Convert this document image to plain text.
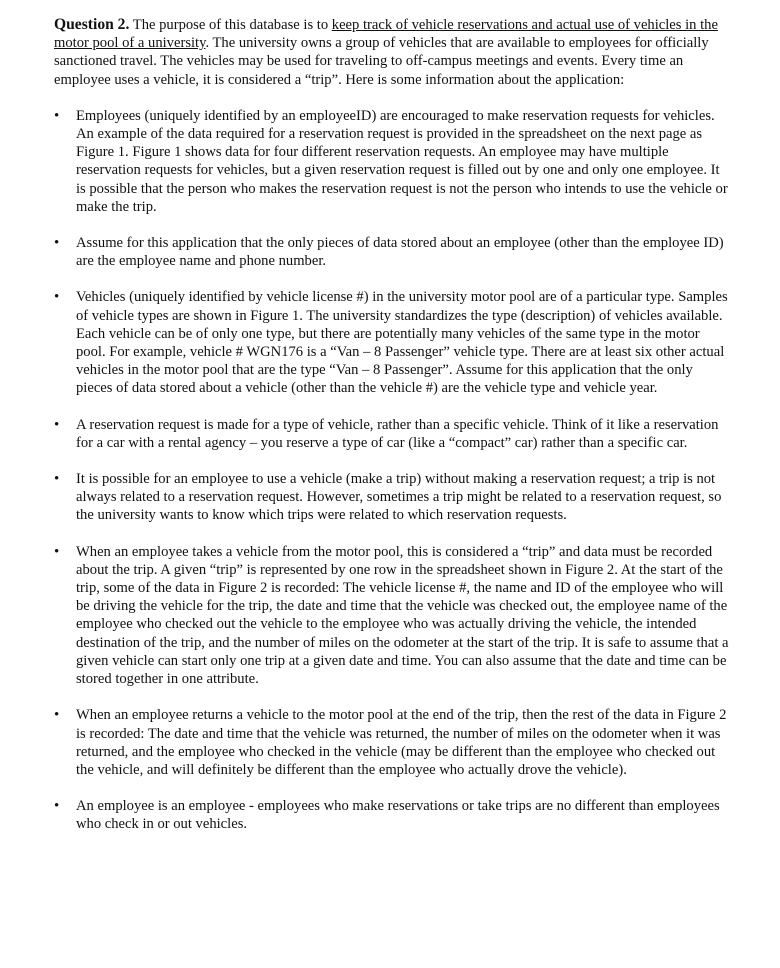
Question 2. The purpose of this database is to keep track of vehicle reservations and actual use of vehicles in the motor pool of a university. The university owns a group of vehicles that are available to employees for officially sanctioned travel. The vehicles may be used for traveling to off-campus meetings and events. Every time an employee uses a vehicle, it is considered a “trip”. Here is some information about the application:

•	Employees (uniquely identified by an employeeID) are encouraged to make reservation requests for vehicles. An example of the data required for a reservation request is provided in the spreadsheet on the next page as Figure 1. Figure 1 shows data for four different reservation requests. An employee may have multiple reservation requests for vehicles, but a given reservation request is filled out by one and only one employee. It is possible that the person who makes the reservation request is not the person who intends to use the vehicle or make the trip.
•	Assume for this application that the only pieces of data stored about an employee (other than the employee ID) are the employee name and phone number.
•	Vehicles (uniquely identified by vehicle license #) in the university motor pool are of a particular type. Samples of vehicle types are shown in Figure 1. The university standardizes the type (description) of vehicles available. Each vehicle can be of only one type, but there are potentially many vehicles of the same type in the motor pool. For example, vehicle # WGN176 is a “Van – 8 Passenger” vehicle type. There are at least six other actual vehicles in the motor pool that are the type “Van – 8 Passenger”. Assume for this application that the only pieces of data stored about a vehicle (other than the vehicle #) are the vehicle type and vehicle year.
•	A reservation request is made for a type of vehicle, rather than a specific vehicle. Think of it like a reservation for a car with a rental agency – you reserve a type of car (like a “compact” car) rather than a specific car.
•	It is possible for an employee to use a vehicle (make a trip) without making a reservation request; a trip is not always related to a reservation request. However, sometimes a trip might be related to a reservation request, so the university wants to know which trips were related to which reservation requests.
•	When an employee takes a vehicle from the motor pool, this is considered a “trip” and data must be recorded about the trip. A given “trip” is represented by one row in the spreadsheet shown in Figure 2. At the start of the trip, some of the data in Figure 2 is recorded: The vehicle license #, the name and ID of the employee who will be driving the vehicle for the trip, the date and time that the vehicle was checked out, the employee name of the employee who checked out the vehicle to the employee who was actually driving the vehicle, the intended destination of the trip, and the number of miles on the odometer at the start of the trip. It is safe to assume that a given vehicle can start only one trip at a given date and time. You can also assume that the date and time can be stored together in one attribute.
•	When an employee returns a vehicle to the motor pool at the end of the trip, then the rest of the data in Figure 2 is recorded: The date and time that the vehicle was returned, the number of miles on the odometer when it was returned, and the employee who checked in the vehicle (may be different than the employee who checked out the vehicle, and will definitely be different than the employee who actually drove the vehicle).
•	An employee is an employee - employees who make reservations or take trips are no different than employees who check in or out vehicles.
